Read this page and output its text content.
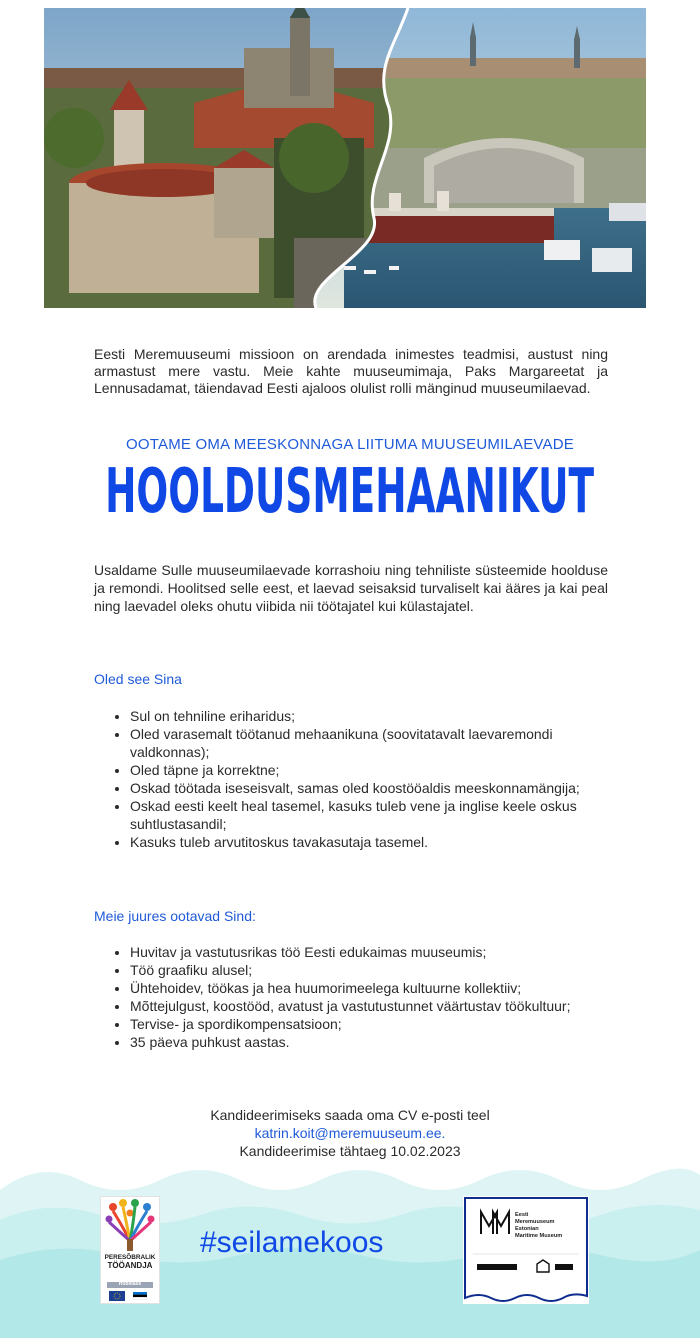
Eesti Meremuuseumi missioon on arendada inimestes teadmisi, austust ning armastust mere vastu. Meie kahte muuseumimaja, Paks Margareetat ja Lennusadamat, täiendavad Eesti ajaloos olulist rolli mänginud muuseumilaevad.

OOTAME OMA MEESKONNAGA LIITUMA MUUSEUMILAEVADE

HOOLDUSMEHAANIKUT

Usaldame Sulle muuseumilaevade korrashoiu ning tehniliste süsteemide hoolduse ja remondi. Hoolitsed selle eest, et laevad seisaksid turvaliselt kai ääres ja kai peal ning laevadel oleks ohutu viibida nii töötajatel kui külastajatel.

Oled see Sina
• Sul on tehniline eriharidus;
• Oled varasemalt töötanud mehaanikuna (soovitatavalt laevaremondi valdkonnas);
• Oled täpne ja korrektne;
• Oskad töötada iseseisvalt, samas oled koostööaldis meeskonnamängija;
• Oskad eesti keelt heal tasemel, kasuks tuleb vene ja inglise keele oskus suhtlustasandil;
• Kasuks tuleb arvutitoskus tavakasutaja tasemel.
Meie juures ootavad Sind:
• Huvitav ja vastutusrikas töö Eesti edukaimas muuseumis;
• Töö graafiku alusel;
• Ühtehoidev, töökas ja hea huumorimeelega kultuurne kollektiiv;
• Mõttejulgust, koostööd, avatust ja vastutustunnet väärtustav töökultuur;
• Tervise- ja spordikompensatsioon;
• 35 päeva puhkust aastas.
Kandideerimiseks saada oma CV e-posti teel
katrin.koit@meremuuseum.ee.
Kandideerimise tähtaeg 10.02.2023
PERESÕBRALIK
TÖÖANDJA
Hõbetase
#seilamekoos
Eesti
Meremuuseum
Estonian
Maritime Museum
